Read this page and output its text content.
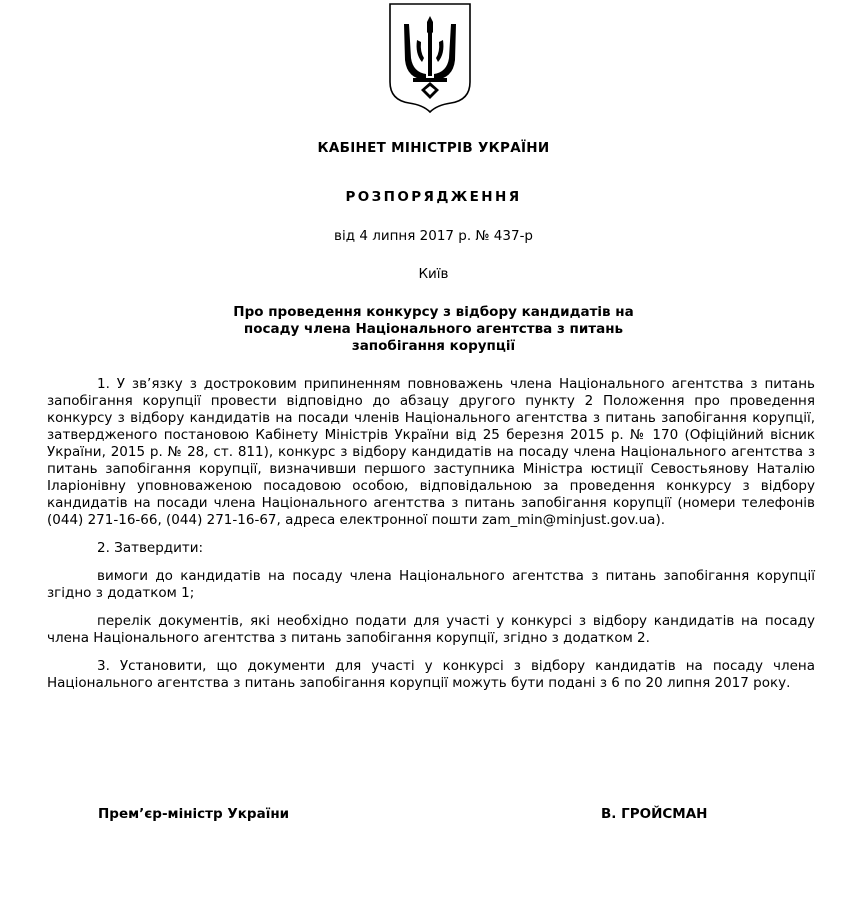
КАБІНЕТ МІНІСТРІВ УКРАЇНИ
РОЗПОРЯДЖЕННЯ
від 4 липня 2017 р. № 437-р
Київ
Про проведення конкурсу з відбору кандидатів на
посаду члена Національного агентства з питань
запобігання корупції

1. У зв’язку з достроковим припиненням повноважень члена Національного агентства з питань запобігання корупції провести відповідно до абзацу другого пункту 2 Положення про проведення конкурсу з відбору кандидатів на посади членів Національного агентства з питань запобігання корупції, затвердженого постановою Кабінету Міністрів України від 25 березня 2015 р. № 170 (Офіційний вісник України, 2015 р. № 28, ст. 811), конкурс з відбору кандидатів на посаду члена Національного агентства з питань запобігання корупції, визначивши першого заступника Міністра юстиції Севостьянову Наталію Іларіонівну уповноваженою посадовою особою, відповідальною за проведення конкурсу з відбору кандидатів на посади члена Національного агентства з питань запобігання корупції (номери телефонів (044) 271-16-66, (044) 271-16-67, адреса електронної пошти zam_min@minjust.gov.ua).

2. Затвердити:

вимоги до кандидатів на посаду члена Національного агентства з питань запобігання корупції згідно з додатком 1;

перелік документів, які необхідно подати для участі у конкурсі з відбору кандидатів на посаду члена Національного агентства з питань запобігання корупції, згідно з додатком 2.

3. Установити, що документи для участі у конкурсі з відбору кандидатів на посаду члена Національного агентства з питань запобігання корупції можуть бути подані з 6 по 20 липня 2017 року.

Прем’єр-міністр України	В. ГРОЙСМАН
